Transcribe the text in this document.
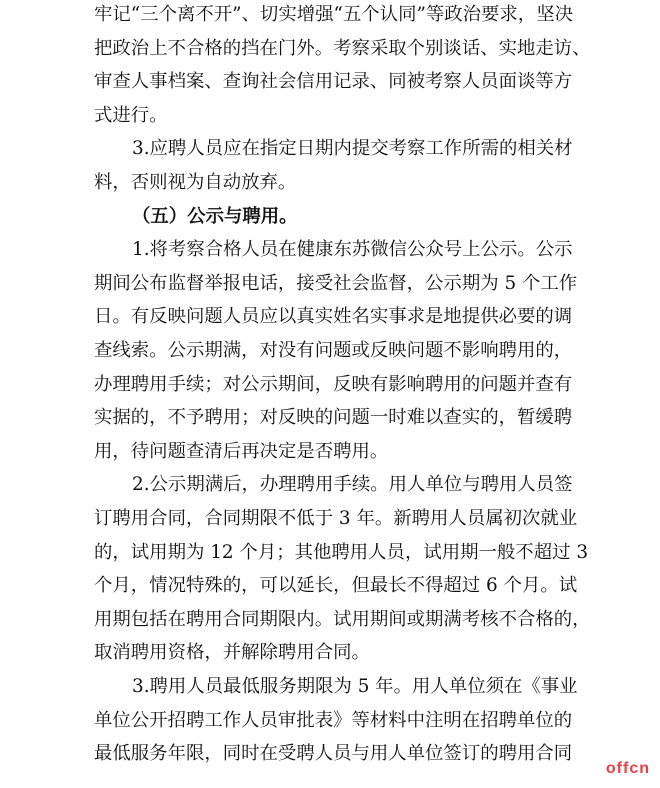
牢记“三个离不开”、切实增强“五个认同”等政治要求，坚决

把政治上不合格的挡在门外。考察采取个别谈话、实地走访、

审查人事档案、查询社会信用记录、同被考察人员面谈等方

式进行。

3.应聘人员应在指定日期内提交考察工作所需的相关材

料，否则视为自动放弃。

（五）公示与聘用。

1.将考察合格人员在健康东苏微信公众号上公示。公示

期间公布监督举报电话，接受社会监督，公示期为 5 个工作

日。有反映问题人员应以真实姓名实事求是地提供必要的调

查线索。公示期满，对没有问题或反映问题不影响聘用的，

办理聘用手续；对公示期间，反映有影响聘用的问题并查有

实据的，不予聘用；对反映的问题一时难以查实的，暂缓聘

用，待问题查清后再决定是否聘用。

2.公示期满后，办理聘用手续。用人单位与聘用人员签

订聘用合同，合同期限不低于 3 年。新聘用人员属初次就业

的，试用期为 12 个月；其他聘用人员，试用期一般不超过 3

个月，情况特殊的，可以延长，但最长不得超过 6 个月。试

用期包括在聘用合同期限内。试用期间或期满考核不合格的，

取消聘用资格，并解除聘用合同。

3.聘用人员最低服务期限为 5 年。用人单位须在《事业

单位公开招聘工作人员审批表》等材料中注明在招聘单位的

最低服务年限，同时在受聘人员与用人单位签订的聘用合同

offcn
